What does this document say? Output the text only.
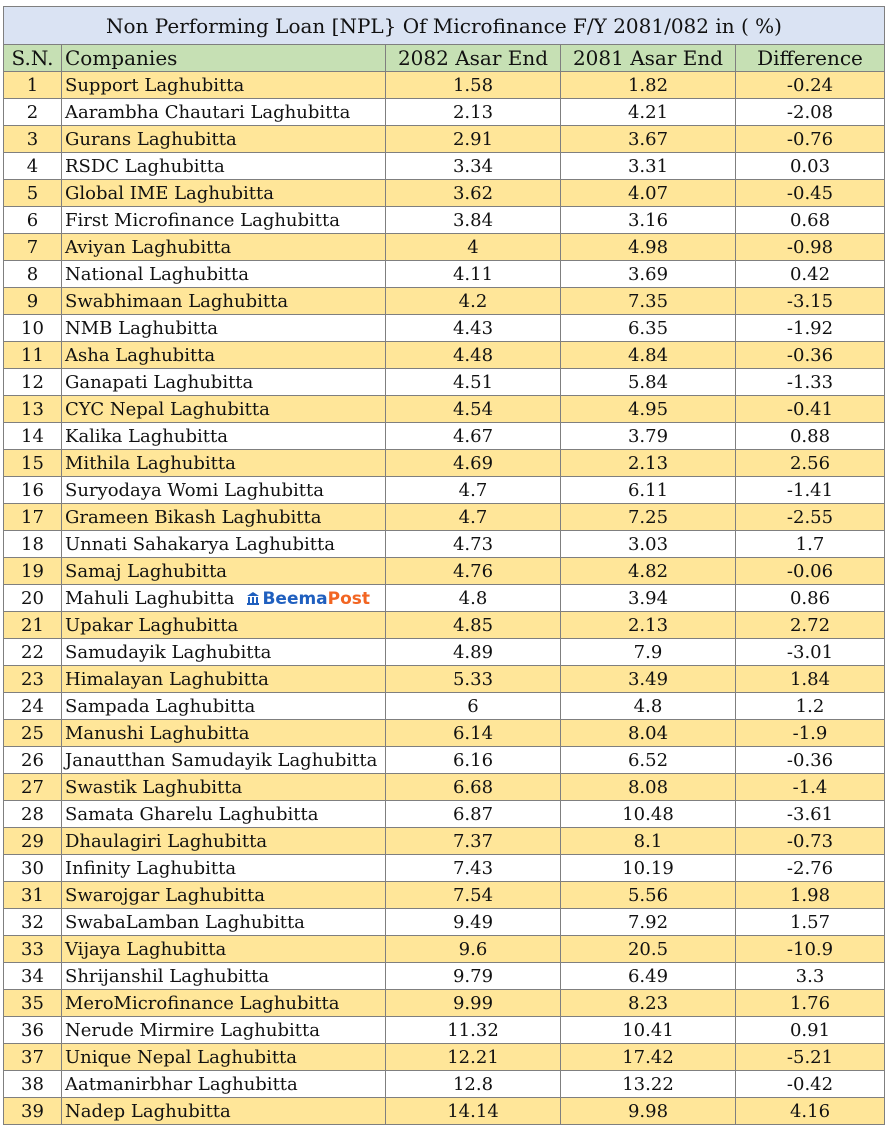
Non Performing Loan [NPL} Of Microfinance F/Y 2081/082 in ( %)				
S.N.	Companies	2082 Asar End	2081 Asar End	Difference
1	Support Laghubitta	1.58	1.82	-0.24
2	Aarambha Chautari Laghubitta	2.13	4.21	-2.08
3	Gurans Laghubitta	2.91	3.67	-0.76
4	RSDC Laghubitta	3.34	3.31	0.03
5	Global IME Laghubitta	3.62	4.07	-0.45
6	First Microfinance Laghubitta	3.84	3.16	0.68
7	Aviyan Laghubitta	4	4.98	-0.98
8	National Laghubitta	4.11	3.69	0.42
9	Swabhimaan Laghubitta	4.2	7.35	-3.15
10	NMB Laghubitta	4.43	6.35	-1.92
11	Asha Laghubitta	4.48	4.84	-0.36
12	Ganapati Laghubitta	4.51	5.84	-1.33
13	CYC Nepal Laghubitta	4.54	4.95	-0.41
14	Kalika Laghubitta	4.67	3.79	0.88
15	Mithila Laghubitta	4.69	2.13	2.56
16	Suryodaya Womi Laghubitta	4.7	6.11	-1.41
17	Grameen Bikash Laghubitta	4.7	7.25	-2.55
18	Unnati Sahakarya Laghubitta	4.73	3.03	1.7
19	Samaj Laghubitta	4.76	4.82	-0.06
20	Mahuli Laghubitta BeemaPost	4.8	3.94	0.86
21	Upakar Laghubitta	4.85	2.13	2.72
22	Samudayik Laghubitta	4.89	7.9	-3.01
23	Himalayan Laghubitta	5.33	3.49	1.84
24	Sampada Laghubitta	6	4.8	1.2
25	Manushi Laghubitta	6.14	8.04	-1.9
26	Janautthan Samudayik Laghubitta	6.16	6.52	-0.36
27	Swastik Laghubitta	6.68	8.08	-1.4
28	Samata Gharelu Laghubitta	6.87	10.48	-3.61
29	Dhaulagiri Laghubitta	7.37	8.1	-0.73
30	Infinity Laghubitta	7.43	10.19	-2.76
31	Swarojgar Laghubitta	7.54	5.56	1.98
32	SwabaLamban Laghubitta	9.49	7.92	1.57
33	Vijaya Laghubitta	9.6	20.5	-10.9
34	Shrijanshil Laghubitta	9.79	6.49	3.3
35	MeroMicrofinance Laghubitta	9.99	8.23	1.76
36	Nerude Mirmire Laghubitta	11.32	10.41	0.91
37	Unique Nepal Laghubitta	12.21	17.42	-5.21
38	Aatmanirbhar Laghubitta	12.8	13.22	-0.42
39	Nadep Laghubitta	14.14	9.98	4.16
